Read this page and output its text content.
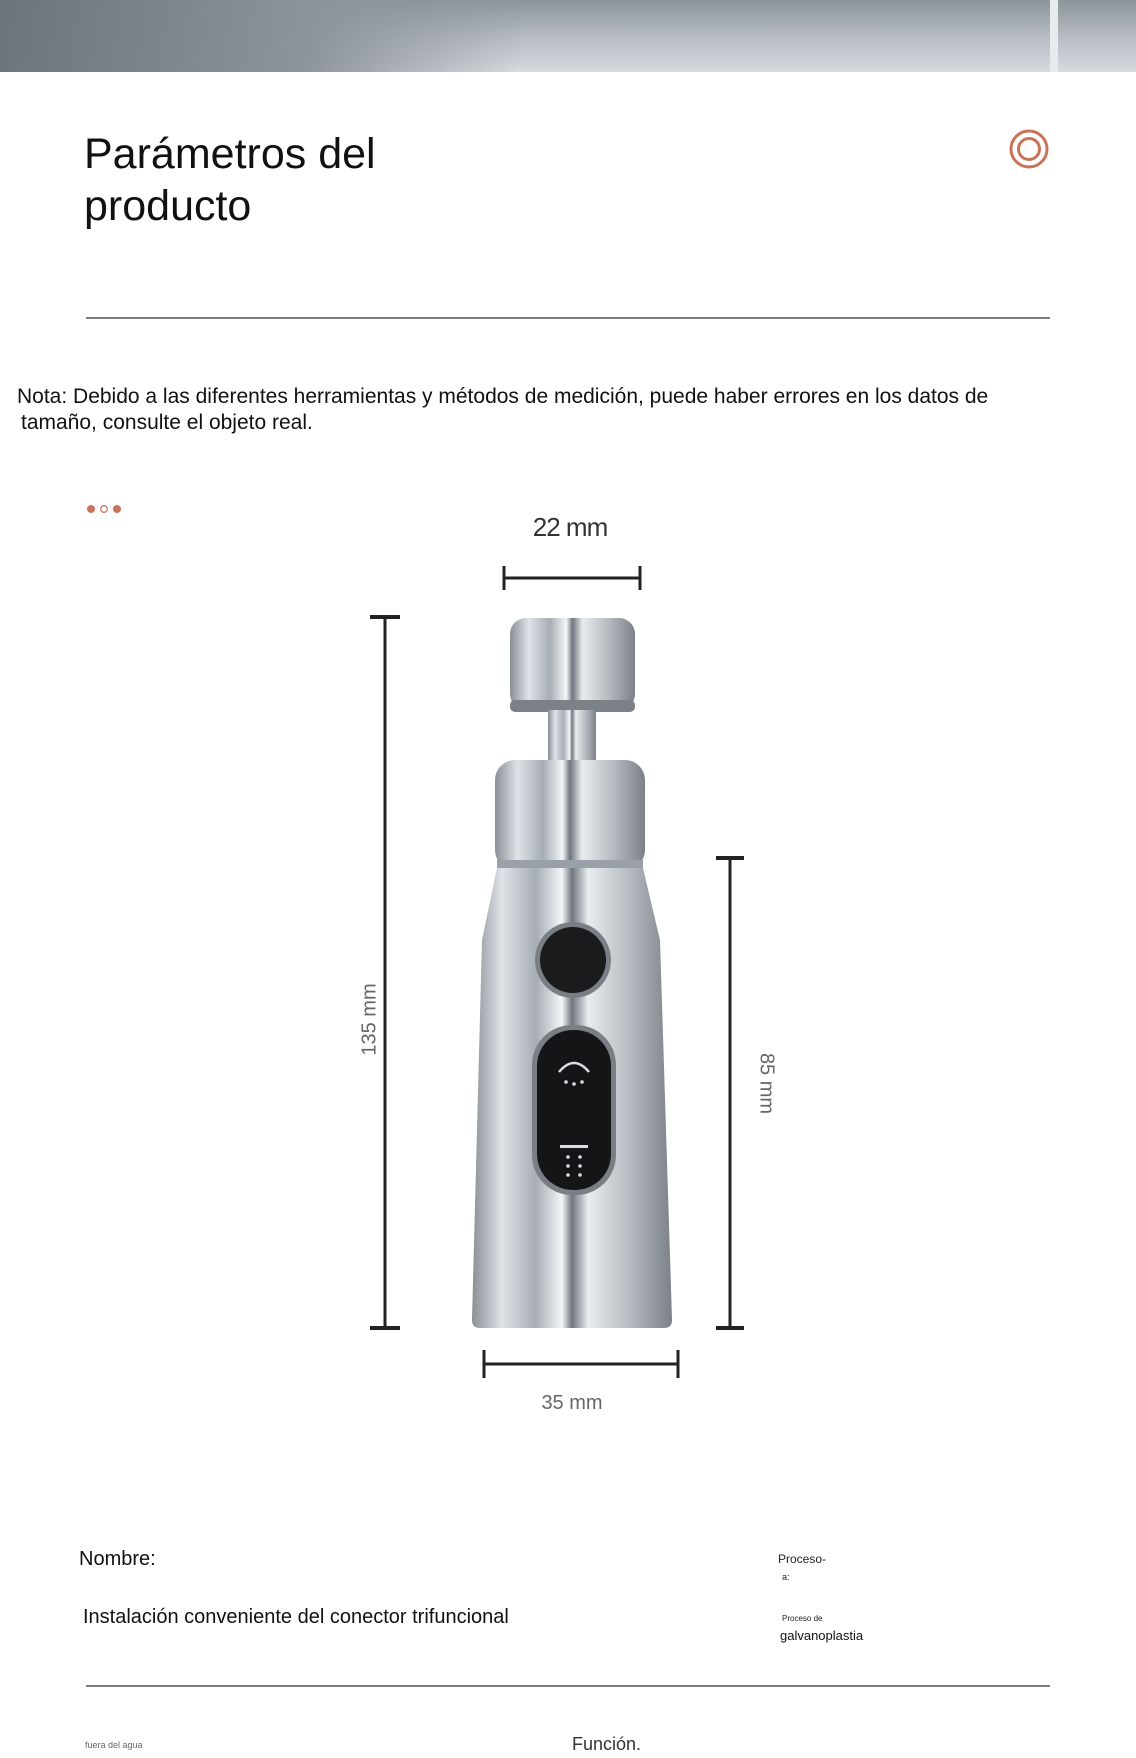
Parámetros del
producto
Nota: Debido a las diferentes herramientas y métodos de medición, puede haber errores en los datos de
tamaño, consulte el objeto real.
22 mm
35 mm
135 mm
85 mm
Nombre:
Instalación conveniente del conector trifuncional
Proceso-
a:
Proceso de
galvanoplastia
fuera del agua	Función.
